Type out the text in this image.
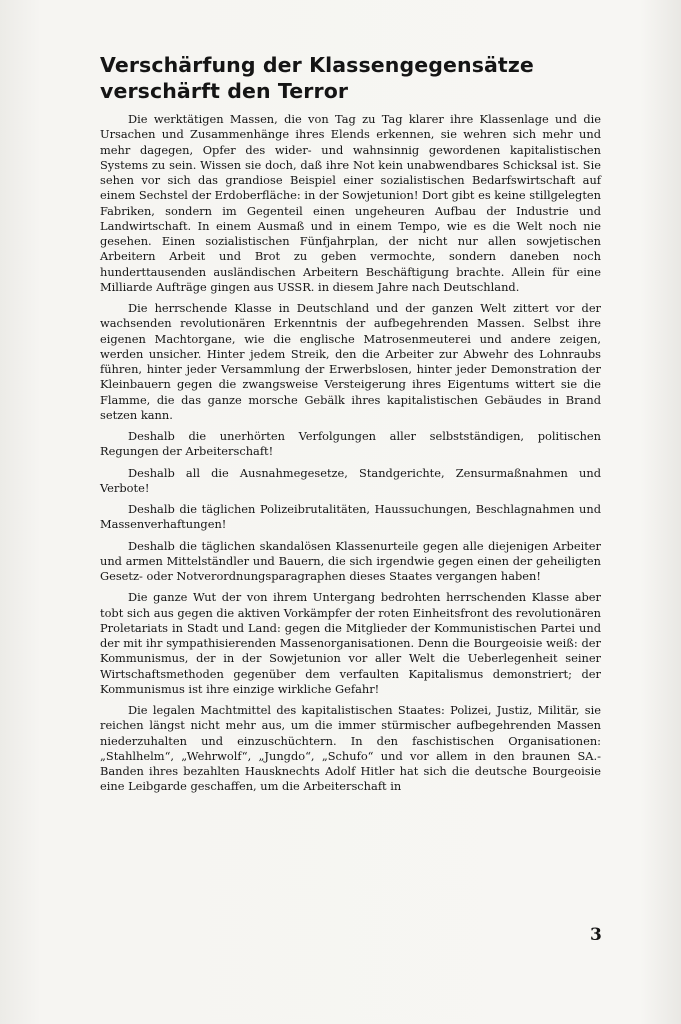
Verschärfung der Klassengegensätze
verschärft den Terror

Die werktätigen Massen, die von Tag zu Tag klarer ihre Klassenlage und die Ursachen und Zusammenhänge ihres Elends erkennen, sie wehren sich mehr und mehr dagegen, Opfer des wider- und wahnsinnig gewordenen kapitalistischen Systems zu sein. Wissen sie doch, daß ihre Not kein unabwendbares Schicksal ist. Sie sehen vor sich das grandiose Beispiel einer sozialistischen Bedarfswirtschaft auf einem Sechstel der Erdoberfläche: in der Sowjetunion! Dort gibt es keine stillgelegten Fabriken, sondern im Gegenteil einen ungeheuren Aufbau der Industrie und Landwirtschaft. In einem Ausmaß und in einem Tempo, wie es die Welt noch nie gesehen. Einen sozialistischen Fünfjahrplan, der nicht nur allen sowjetischen Arbeitern Arbeit und Brot zu geben vermochte, sondern daneben noch hunderttausenden ausländischen Arbeitern Beschäftigung brachte. Allein für eine Milliarde Aufträge gingen aus USSR. in diesem Jahre nach Deutschland.

Die herrschende Klasse in Deutschland und der ganzen Welt zittert vor der wachsenden revolutionären Erkenntnis der aufbegehrenden Massen. Selbst ihre eigenen Machtorgane, wie die englische Matrosenmeuterei und andere zeigen, werden unsicher. Hinter jedem Streik, den die Arbeiter zur Abwehr des Lohnraubs führen, hinter jeder Versammlung der Erwerbslosen, hinter jeder Demonstration der Kleinbauern gegen die zwangsweise Versteigerung ihres Eigentums wittert sie die Flamme, die das ganze morsche Gebälk ihres kapitalistischen Gebäudes in Brand setzen kann.

Deshalb die unerhörten Verfolgungen aller selbstständigen, politischen Regungen der Arbeiterschaft!

Deshalb all die Ausnahmegesetze, Standgerichte, Zensurmaßnahmen und Verbote!

Deshalb die täglichen Polizeibrutalitäten, Haussuchungen, Beschlagnahmen und Massenverhaftungen!

Deshalb die täglichen skandalösen Klassenurteile gegen alle diejenigen Arbeiter und armen Mittelständler und Bauern, die sich irgendwie gegen einen der geheiligten Gesetz- oder Notverordnungsparagraphen dieses Staates vergangen haben!

Die ganze Wut der von ihrem Untergang bedrohten herrschenden Klasse aber tobt sich aus gegen die aktiven Vorkämpfer der roten Einheitsfront des revolutionären Proletariats in Stadt und Land: gegen die Mitglieder der Kommunistischen Partei und der mit ihr sympathisierenden Massenorganisationen. Denn die Bourgeoisie weiß: der Kommunismus, der in der Sowjetunion vor aller Welt die Ueberlegenheit seiner Wirtschaftsmethoden gegenüber dem verfaulten Kapitalismus demonstriert; der Kommunismus ist ihre einzige wirkliche Gefahr!

Die legalen Machtmittel des kapitalistischen Staates: Polizei, Justiz, Militär, sie reichen längst nicht mehr aus, um die immer stürmischer aufbegehrenden Massen niederzuhalten und einzuschüchtern. In den faschistischen Organisationen: „Stahlhelm“, „Wehrwolf“, „Jungdo“, „Schufo“ und vor allem in den braunen SA.-Banden ihres bezahlten Hausknechts Adolf Hitler hat sich die deutsche Bourgeoisie eine Leibgarde geschaffen, um die Arbeiterschaft in

3
